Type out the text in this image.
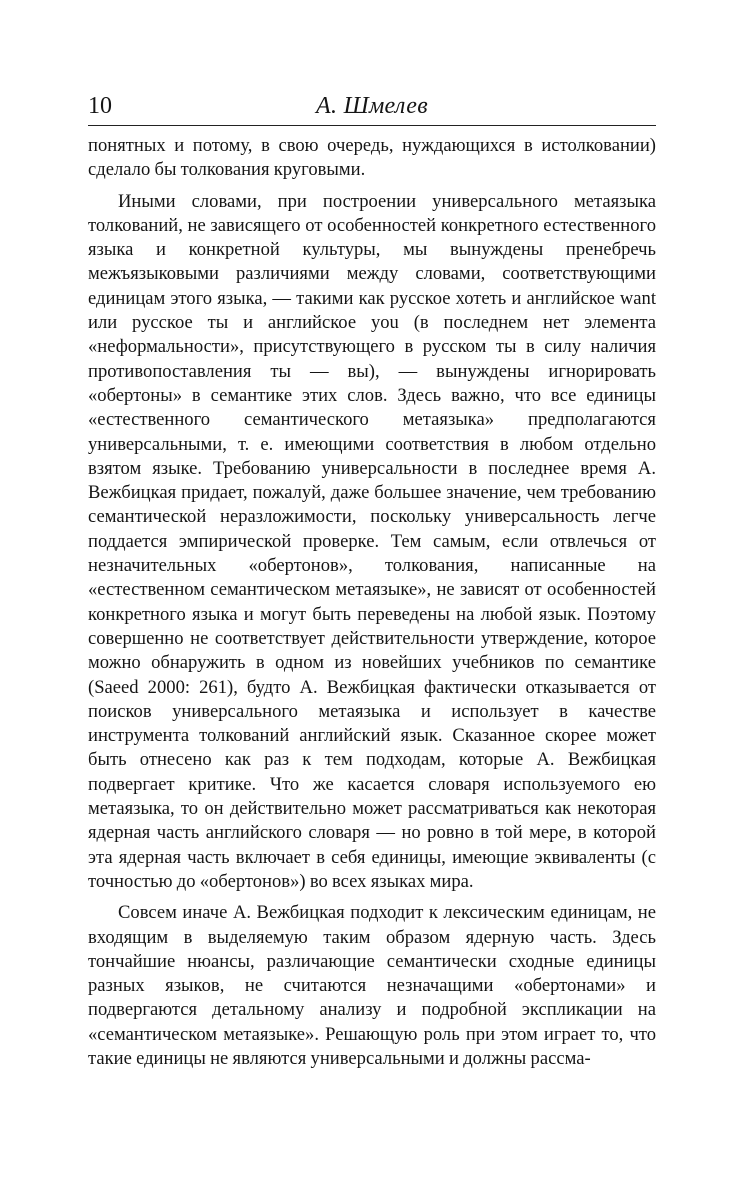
10	А. Шмелев

понятных и потому, в свою очередь, нуждающихся в истолковании) сделало бы толкования круговыми.

Иными словами, при построении универсального метаязыка толкований, не зависящего от особенностей конкретного естественного языка и конкретной культуры, мы вынуждены пренебречь межъязыковыми различиями между словами, соответствующими единицам этого языка, — такими как русское хотеть и английское want или русское ты и английское you (в последнем нет элемента «неформальности», присутствующего в русском ты в силу наличия противопоставления ты — вы), — вынуждены игнорировать «обертоны» в семантике этих слов. Здесь важно, что все единицы «естественного семантического метаязыка» предполагаются универсальными, т. е. имеющими соответствия в любом отдельно взятом языке. Требованию универсальности в последнее время А. Вежбицкая придает, пожалуй, даже большее значение, чем требованию семантической неразложимости, поскольку универсальность легче поддается эмпирической проверке. Тем самым, если отвлечься от незначительных «обертонов», толкования, написанные на «естественном семантическом метаязыке», не зависят от особенностей конкретного языка и могут быть переведены на любой язык. Поэтому совершенно не соответствует действительности утверждение, которое можно обнаружить в одном из новейших учебников по семантике (Saeed 2000: 261), будто А. Вежбицкая фактически отказывается от поисков универсального метаязыка и использует в качестве инструмента толкований английский язык. Сказанное скорее может быть отнесено как раз к тем подходам, которые А. Вежбицкая подвергает критике. Что же касается словаря используемого ею метаязыка, то он действительно может рассматриваться как некоторая ядерная часть английского словаря — но ровно в той мере, в которой эта ядерная часть включает в себя единицы, имеющие эквиваленты (с точностью до «обертонов») во всех языках мира.

Совсем иначе А. Вежбицкая подходит к лексическим единицам, не входящим в выделяемую таким образом ядерную часть. Здесь тончайшие нюансы, различающие семантически сходные единицы разных языков, не считаются незначащими «обертонами» и подвергаются детальному анализу и подробной экспликации на «семантическом метаязыке». Решающую роль при этом играет то, что такие единицы не являются универсальными и должны рассма-
